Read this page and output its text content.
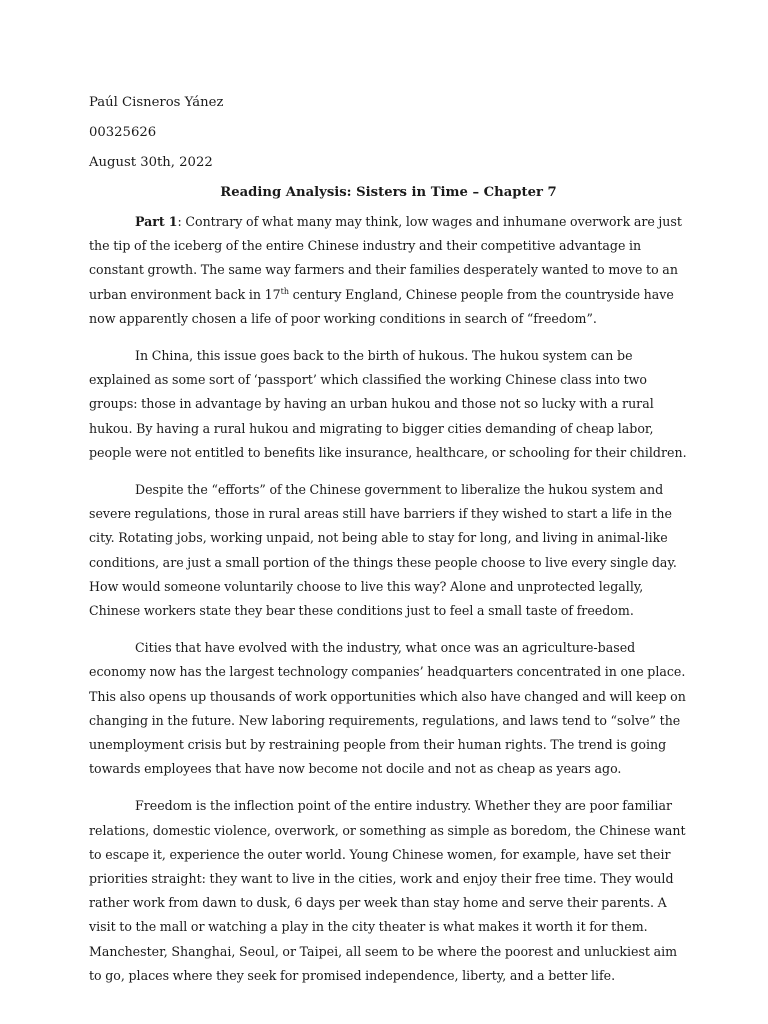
Paúl Cisneros Yánez
00325626
August 30th, 2022
Reading Analysis: Sisters in Time – Chapter 7

Part 1: Contrary of what many may think, low wages and inhumane overwork are just the tip of the iceberg of the entire Chinese industry and their competitive advantage in constant growth. The same way farmers and their families desperately wanted to move to an urban environment back in 17th century England, Chinese people from the countryside have now apparently chosen a life of poor working conditions in search of “freedom”.

In China, this issue goes back to the birth of hukous. The hukou system can be explained as some sort of ‘passport’ which classified the working Chinese class into two groups: those in advantage by having an urban hukou and those not so lucky with a rural hukou. By having a rural hukou and migrating to bigger cities demanding of cheap labor, people were not entitled to benefits like insurance, healthcare, or schooling for their children.

Despite the “efforts” of the Chinese government to liberalize the hukou system and severe regulations, those in rural areas still have barriers if they wished to start a life in the city. Rotating jobs, working unpaid, not being able to stay for long, and living in animal-like conditions, are just a small portion of the things these people choose to live every single day. How would someone voluntarily choose to live this way? Alone and unprotected legally, Chinese workers state they bear these conditions just to feel a small taste of freedom.

Cities that have evolved with the industry, what once was an agriculture-based economy now has the largest technology companies’ headquarters concentrated in one place. This also opens up thousands of work opportunities which also have changed and will keep on changing in the future. New laboring requirements, regulations, and laws tend to “solve” the unemployment crisis but by restraining people from their human rights. The trend is going towards employees that have now become not docile and not as cheap as years ago.

Freedom is the inflection point of the entire industry. Whether they are poor familiar relations, domestic violence, overwork, or something as simple as boredom, the Chinese want to escape it, experience the outer world. Young Chinese women, for example, have set their priorities straight: they want to live in the cities, work and enjoy their free time. They would rather work from dawn to dusk, 6 days per week than stay home and serve their parents. A visit to the mall or watching a play in the city theater is what makes it worth it for them. Manchester, Shanghai, Seoul, or Taipei, all seem to be where the poorest and unluckiest aim to go, places where they seek for promised independence, liberty, and a better life.
